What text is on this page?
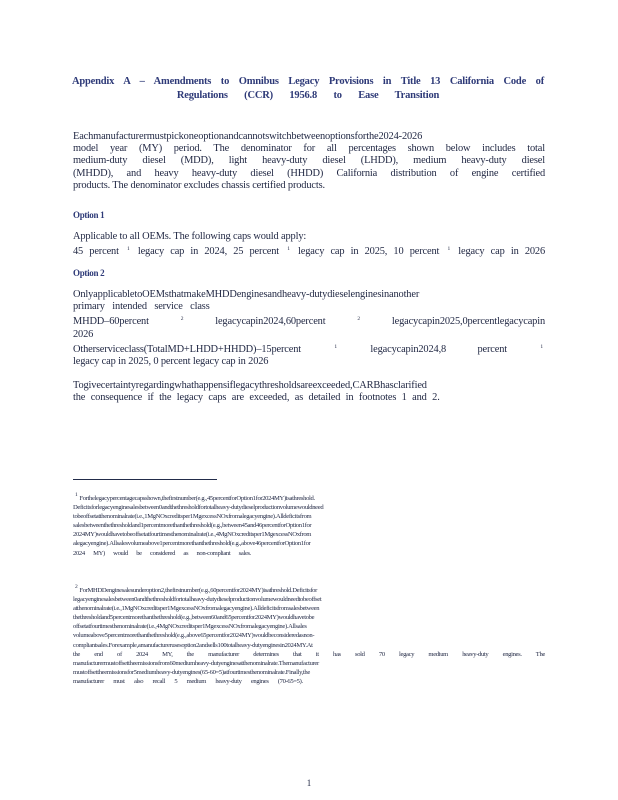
Appendix A – Amendments to Omnibus Legacy Provisions in Title 13 California Code of
Regulations (CCR) 1956.8 to Ease Transition
Eachmanufacturermustpickoneoptionandcannotswitchbetweenoptionsforthe2024-2026
model year (MY) period. The denominator for all percentages shown below includes total
medium-duty diesel (MDD), light heavy-duty diesel (LHDD), medium heavy-duty diesel
(MHDD), and heavy heavy-duty diesel (HHDD) California distribution of engine certified
products. The denominator excludes chassis certified products.
Option 1
Applicable to all OEMs. The following caps would apply:
45 percent $^1$ legacy cap in 2024, 25 percent $^1$ legacy cap in 2025, 10 percent $^1$ legacy cap in 2026
Option 2
OnlyapplicabletoOEMsthatmakeMHDDenginesandheavy-dutydieselenginesinanother
primary intended service class
MHDD–60percent	$^2$	legacycapin2024,60percent	$^2$	legacycapin2025,0percentlegacycapin
2026
Otherserviceclass(TotalMD+LHDD+HHDD)–15percent	$^1$	legacycapin2024,8	percent	$^1$
legacy cap in 2025, 0 percent legacy cap in 2026
Togivecertaintyregardingwhathappensiflegacythresholdsareexceeded,CARBhasclarified
the consequence if the legacy caps are exceeded, as detailed in footnotes 1 and 2.
$^1$ Forthelegacypercentagecapsshown,thefirstnumber(e.g.,45percentforOption1for2024MY)isathreshold.
Deficitsforlegacyenginesalesbetween0andthethresholdfortotalheavy-dutydieselproductionvolumewouldneed
tobeoffsetatthenominalrate(i.e.,1MgNOxcreditsper1MgexcessNOxfromalegacyengine).Alldeficitsfrom
salesbetweenthethresholdand1percentmorethanthethreshold(e.g.,between45and46percentforOption1for
2024MY)wouldhavetobeoffsetatfourtimesthenominalrate(i.e.,4MgNOxcreditsper1MgexcessNOxfrom
alegacyengine).Allsalesvolumeabove1percentmorethanthethreshold(e.g.,above46percentforOption1for
2024 MY) would be considered as non-compliant sales.
$^2$ ForMHDDenginesalesunderoption2,thefirstnumber(e.g.,60percentfor2024MY)isathreshold.Deficitsfor
legacyenginesalesbetween0andthethresholdfortotalheavy-dutydieselproductionvolumewouldneedtobeoffset
atthenominalrate(i.e.,1MgNOxcreditsper1MgexcessNOxfromalegacyengine).Alldeficitsfromsalesbetween
thethresholdand5percentmorethanthethreshold(e.g.,between60and65percentfor2024MY)wouldhavetobe
offsetatfourtimesthenominalrate(i.e.,4MgNOxcreditsper1MgexcessNOxfromalegacyengine).Allsales
volumeabove5percentmorethanthethreshold(e.g.,above65percentfor2024MY)wouldbeconsideredasnon-
compliantsales.Forexample,amanufacturerusesoption2andsells100totalheavy-dutyenginesin2024MY.At
the end of 2024 MY, the manufacturer determines that it has sold 70 legacy medium heavy-duty engines. The
manufacturermustoffsettheemissionsfrom60mediumheavy-dutyenginesatthenominalrate.Themanufacturer
mustoffsettheemissionsfor5mediumheavy-dutyengines(65-60=5)atfourtimesthenominalrate.Finally,the
manufacturer must also recall 5 medium heavy-duty engines (70-65=5).
1
